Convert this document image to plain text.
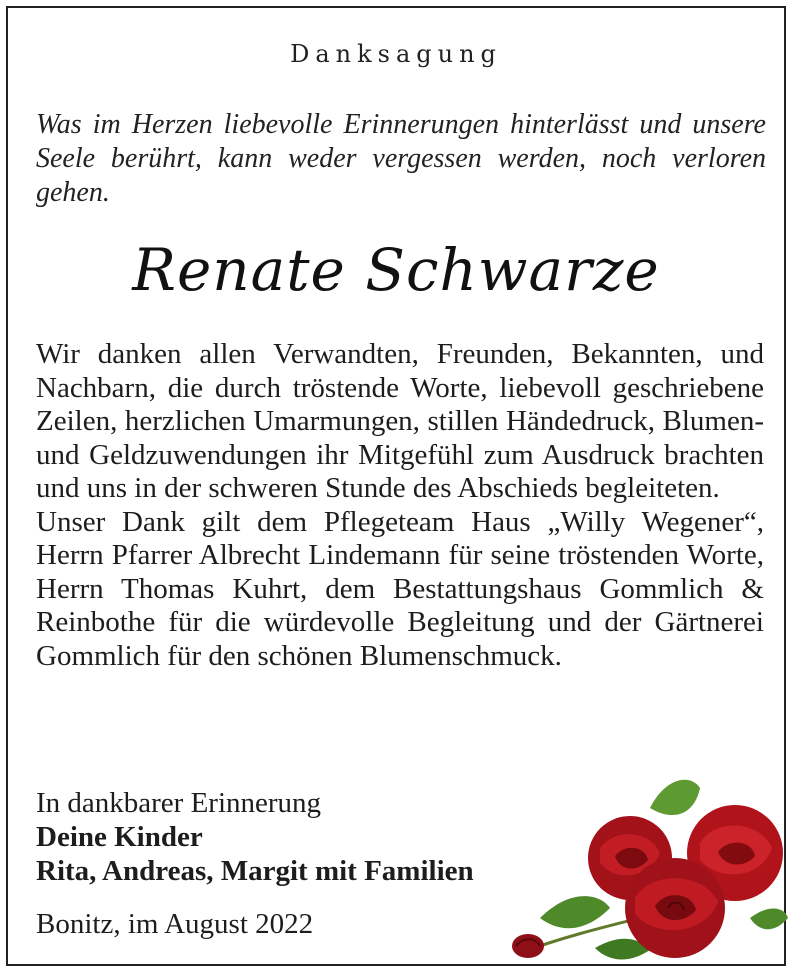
Danksagung
Was im Herzen liebevolle Erinnerungen hinterlässt und unsere Seele berührt, kann weder vergessen werden, noch verloren gehen.
Renate Schwarze

Wir danken allen Verwandten, Freunden, Bekannten, und Nachbarn, die durch tröstende Worte, liebevoll geschriebene Zeilen, herzlichen Umarmungen, stillen Händedruck, Blumen- und Geldzuwendungen ihr Mitgefühl zum Ausdruck brachten und uns in der schweren Stunde des Abschieds begleiteten.

Unser Dank gilt dem Pflegeteam Haus „Willy Wegener“, Herrn Pfarrer Albrecht Lindemann für seine tröstenden Worte, Herrn Thomas Kuhrt, dem Bestattungshaus Gommlich & Reinbothe für die würdevolle Begleitung und der Gärtnerei Gommlich für den schönen Blumenschmuck.

In dankbarer Erinnerung
Deine Kinder
Rita, Andreas, Margit mit Familien
Bonitz, im August 2022
